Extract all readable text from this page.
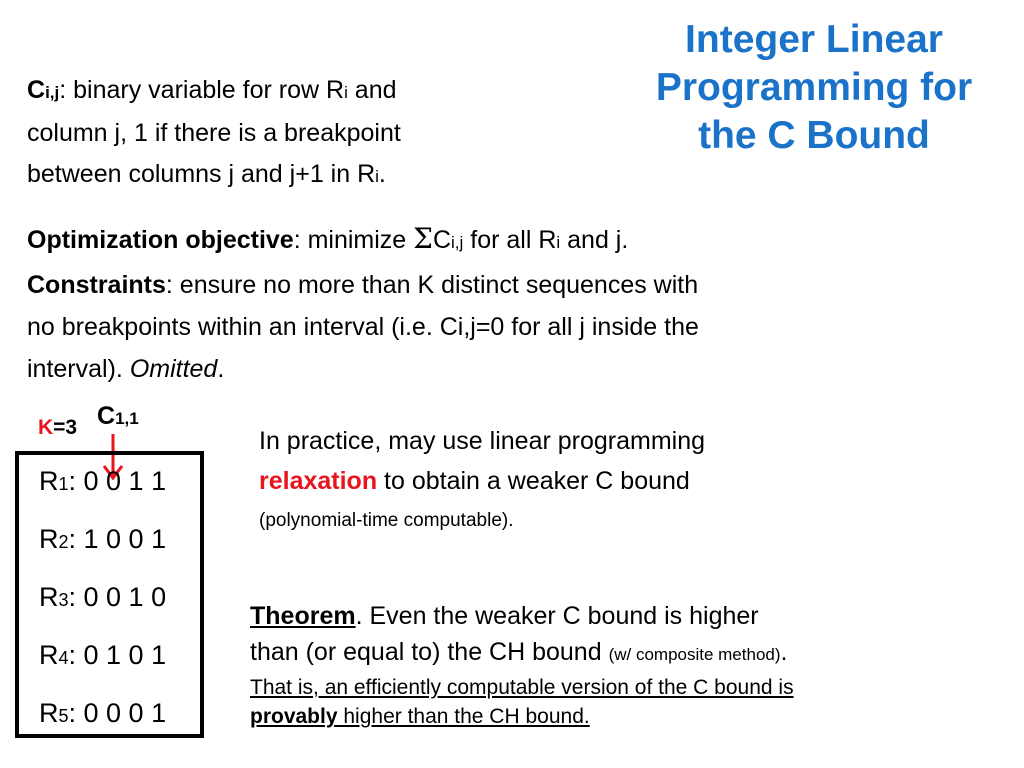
Integer Linear
Programming for
the C Bound
Ci,j: binary variable for row Ri and
column j, 1 if there is a breakpoint
between columns j and j+1 in Ri.
Optimization objective: minimize ΣCi,j for all Ri and j.
Constraints: ensure no more than K distinct sequences with
no breakpoints within an interval (i.e. Ci,j=0 for all j inside the
interval). Omitted.
K=3 C1,1
R1: 0 0 1 1
R2: 1 0 0 1
R3: 0 0 1 0
R4: 0 1 0 1
R5: 0 0 0 1
In practice, may use linear programming
relaxation to obtain a weaker C bound
(polynomial-time computable).
Theorem. Even the weaker C bound is higher
than (or equal to) the CH bound (w/ composite method).
That is, an efficiently computable version of the C bound is
provably higher than the CH bound.
